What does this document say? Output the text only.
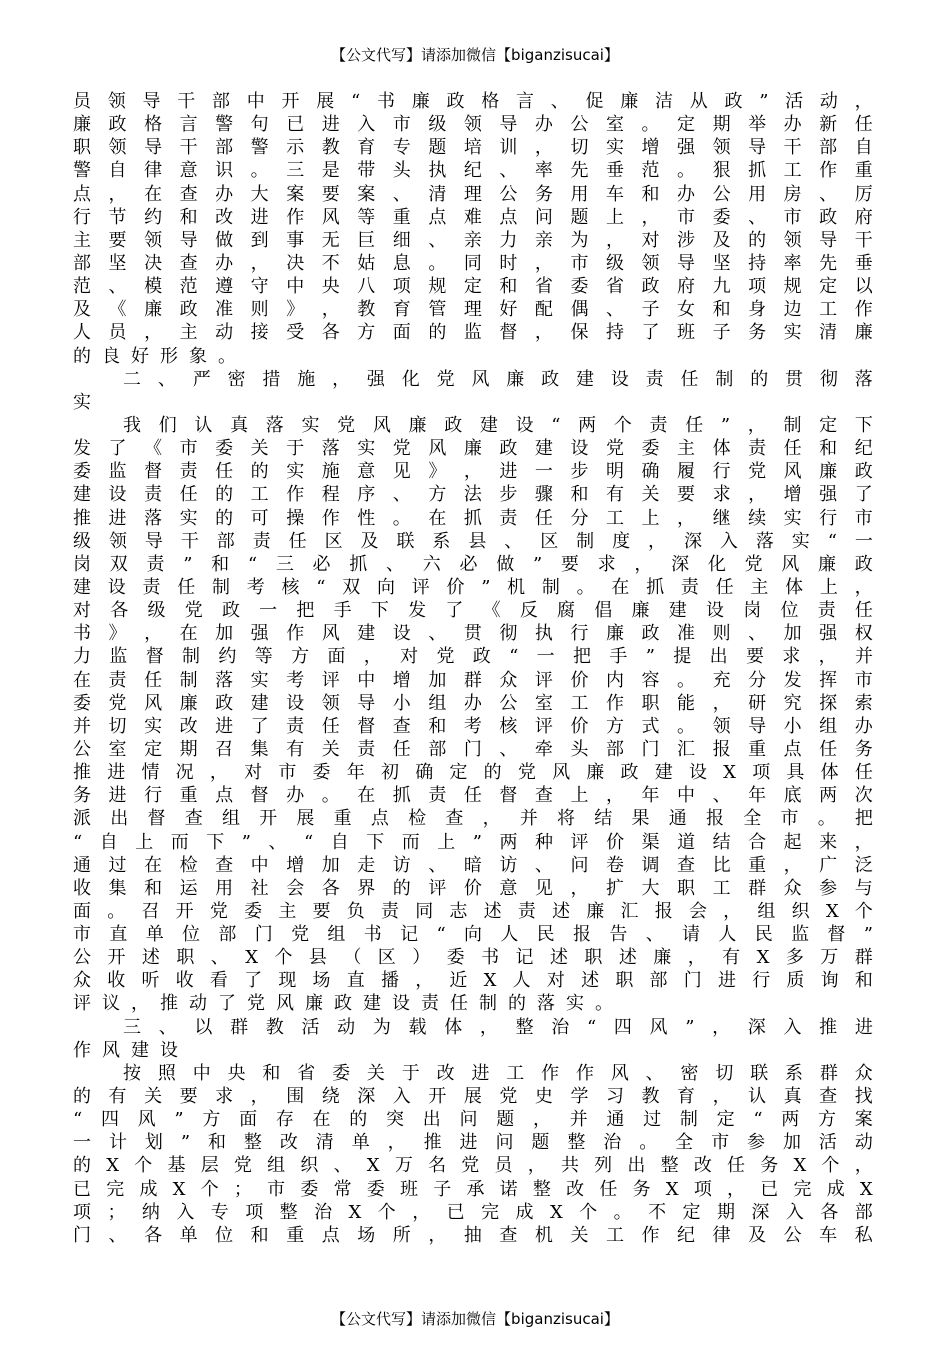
【公文代写】请添加微信【biganzisucai】
员 领 导 干 部 中 开 展 “ 书 廉 政 格 言 、 促 廉 洁 从 政 ” 活 动 ，
廉 政 格 言 警 句 已 进 入 市 级 领 导 办 公 室 。 定 期 举 办 新 任
职 领 导 干 部 警 示 教 育 专 题 培 训 ， 切 实 增 强 领 导 干 部 自
警 自 律 意 识 。 三 是 带 头 执 纪 、 率 先 垂 范 。 狠 抓 工 作 重
点 ， 在 查 办 大 案 要 案 、 清 理 公 务 用 车 和 办 公 用 房 、 厉
行 节 约 和 改 进 作 风 等 重 点 难 点 问 题 上 ， 市 委 、 市 政 府
主 要 领 导 做 到 事 无 巨 细 、 亲 力 亲 为 ， 对 涉 及 的 领 导 干
部 坚 决 查 办 ， 决 不 姑 息 。 同 时 ， 市 级 领 导 坚 持 率 先 垂
范 、 模 范 遵 守 中 央 八 项 规 定 和 省 委 省 政 府 九 项 规 定 以
及 《 廉 政 准 则 》 ， 教 育 管 理 好 配 偶 、 子 女 和 身 边 工 作
人 员 ， 主 动 接 受 各 方 面 的 监 督 ， 保 持 了 班 子 务 实 清 廉
的 良 好 形 象 。
二 、 严 密 措 施 ， 强 化 党 风 廉 政 建 设 责 任 制 的 贯 彻 落
实
我 们 认 真 落 实 党 风 廉 政 建 设 “ 两 个 责 任 ” ， 制 定 下
发 了 《 市 委 关 于 落 实 党 风 廉 政 建 设 党 委 主 体 责 任 和 纪
委 监 督 责 任 的 实 施 意 见 》 ， 进 一 步 明 确 履 行 党 风 廉 政
建 设 责 任 的 工 作 程 序 、 方 法 步 骤 和 有 关 要 求 ， 增 强 了
推 进 落 实 的 可 操 作 性 。 在 抓 责 任 分 工 上 ， 继 续 实 行 市
级 领 导 干 部 责 任 区 及 联 系 县 、 区 制 度 ， 深 入 落 实 “ 一
岗 双 责 ” 和 “ 三 必 抓 、 六 必 做 ” 要 求 ， 深 化 党 风 廉 政
建 设 责 任 制 考 核 “ 双 向 评 价 ” 机 制 。 在 抓 责 任 主 体 上 ，
对 各 级 党 政 一 把 手 下 发 了 《 反 腐 倡 廉 建 设 岗 位 责 任
书 》 ， 在 加 强 作 风 建 设 、 贯 彻 执 行 廉 政 准 则 、 加 强 权
力 监 督 制 约 等 方 面 ， 对 党 政 “ 一 把 手 ” 提 出 要 求 ， 并
在 责 任 制 落 实 考 评 中 增 加 群 众 评 价 内 容 。 充 分 发 挥 市
委 党 风 廉 政 建 设 领 导 小 组 办 公 室 工 作 职 能 ， 研 究 探 索
并 切 实 改 进 了 责 任 督 查 和 考 核 评 价 方 式 。 领 导 小 组 办
公 室 定 期 召 集 有 关 责 任 部 门 、 牵 头 部 门 汇 报 重 点 任 务
推 进 情 况 ， 对 市 委 年 初 确 定 的 党 风 廉 政 建 设 X 项 具 体 任
务 进 行 重 点 督 办 。 在 抓 责 任 督 查 上 ， 年 中 、 年 底 两 次
派 出 督 查 组 开 展 重 点 检 查 ， 并 将 结 果 通 报 全 市 。 把
“ 自 上 而 下 ” 、 “ 自 下 而 上 ” 两 种 评 价 渠 道 结 合 起 来 ，
通 过 在 检 查 中 增 加 走 访 、 暗 访 、 问 卷 调 查 比 重 ， 广 泛
收 集 和 运 用 社 会 各 界 的 评 价 意 见 ， 扩 大 职 工 群 众 参 与
面 。 召 开 党 委 主 要 负 责 同 志 述 责 述 廉 汇 报 会 ， 组 织 X 个
市 直 单 位 部 门 党 组 书 记 “ 向 人 民 报 告 、 请 人 民 监 督 ”
公 开 述 职 、 X 个 县 （ 区 ） 委 书 记 述 职 述 廉 ， 有 X 多 万 群
众 收 听 收 看 了 现 场 直 播 ， 近 X 人 对 述 职 部 门 进 行 质 询 和
评 议 ， 推 动 了 党 风 廉 政 建 设 责 任 制 的 落 实 。
三 、 以 群 教 活 动 为 载 体 ， 整 治 “ 四 风 ” ， 深 入 推 进
作 风 建 设
按 照 中 央 和 省 委 关 于 改 进 工 作 作 风 、 密 切 联 系 群 众
的 有 关 要 求 ， 围 绕 深 入 开 展 党 史 学 习 教 育 ， 认 真 查 找
“ 四 风 ” 方 面 存 在 的 突 出 问 题 ， 并 通 过 制 定 “ 两 方 案
一 计 划 ” 和 整 改 清 单 ， 推 进 问 题 整 治 。 全 市 参 加 活 动
的 X 个 基 层 党 组 织 、 X 万 名 党 员 ， 共 列 出 整 改 任 务 X 个 ，
已 完 成 X 个 ； 市 委 常 委 班 子 承 诺 整 改 任 务 X 项 ， 已 完 成 X
项 ； 纳 入 专 项 整 治 X 个 ， 已 完 成 X 个 。 不 定 期 深 入 各 部
门 、 各 单 位 和 重 点 场 所 ， 抽 查 机 关 工 作 纪 律 及 公 车 私
【公文代写】请添加微信【biganzisucai】
